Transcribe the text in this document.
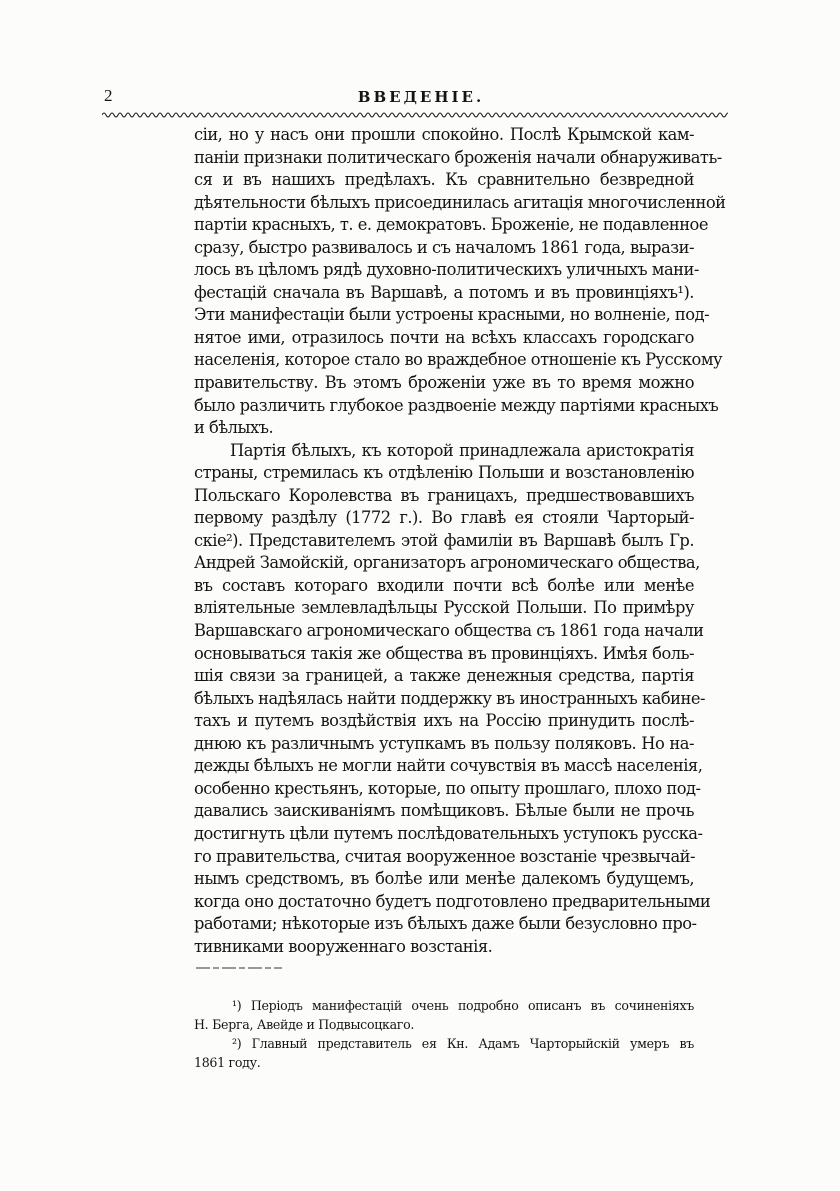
2	ВВЕДЕНІЕ.
сіи, но у насъ они прошли спокойно. Послѣ Крымской кам-
паніи признаки политическаго броженія начали обнаруживать-
ся и въ нашихъ предѣлахъ. Къ сравнительно безвредной
дѣятельности бѣлыхъ присоединилась агитація многочисленной
партіи красныхъ, т. е. демократовъ. Броженіе, не подавленное
сразу, быстро развивалось и съ началомъ 1861 года, вырази-
лось въ цѣломъ рядѣ духовно-политическихъ уличныхъ мани-
фестацій сначала въ Варшавѣ, а потомъ и въ провинціяхъ¹).
Эти манифестаціи были устроены красными, но волненіе, под-
нятое ими, отразилось почти на всѣхъ классахъ городскаго
населенія, которое стало во враждебное отношеніе къ Русскому
правительству. Въ этомъ броженіи уже въ то время можно
было различить глубокое раздвоеніе между партіями красныхъ
и бѣлыхъ.
Партія бѣлыхъ, къ которой принадлежала аристократія
страны, стремилась къ отдѣленію Польши и возстановленію
Польскаго Королевства въ границахъ, предшествовавшихъ
первому раздѣлу (1772 г.). Во главѣ ея стояли Чарторый-
скіе²). Представителемъ этой фамиліи въ Варшавѣ былъ Гр.
Андрей Замойскій, организаторъ агрономическаго общества,
въ составъ котораго входили почти всѣ болѣе или менѣе
вліятельные землевладѣльцы Русской Польши. По примѣру
Варшавскаго агрономическаго общества съ 1861 года начали
основываться такія же общества въ провинціяхъ. Имѣя боль-
шія связи за границей, а также денежныя средства, партія
бѣлыхъ надѣялась найти поддержку въ иностранныхъ кабине-
тахъ и путемъ воздѣйствія ихъ на Россію принудить послѣ-
днюю къ различнымъ уступкамъ въ пользу поляковъ. Но на-
дежды бѣлыхъ не могли найти сочувствія въ массѣ населенія,
особенно крестьянъ, которые, по опыту прошлаго, плохо под-
давались заискиваніямъ помѣщиковъ. Бѣлые были не прочь
достигнуть цѣли путемъ послѣдовательныхъ уступокъ русска-
го правительства, считая вооруженное возстаніе чрезвычай-
нымъ средствомъ, въ болѣе или менѣе далекомъ будущемъ,
когда оно достаточно будетъ подготовлено предварительными
работами; нѣкоторые изъ бѣлыхъ даже были безусловно про-
тивниками вооруженнаго возстанія.
¹) Періодъ манифестацій очень подробно описанъ въ сочиненіяхъ
Н. Берга, Авейде и Подвысоцкаго.
²) Главный представитель ея Кн. Адамъ Чарторыйскій умеръ въ
1861 году.
